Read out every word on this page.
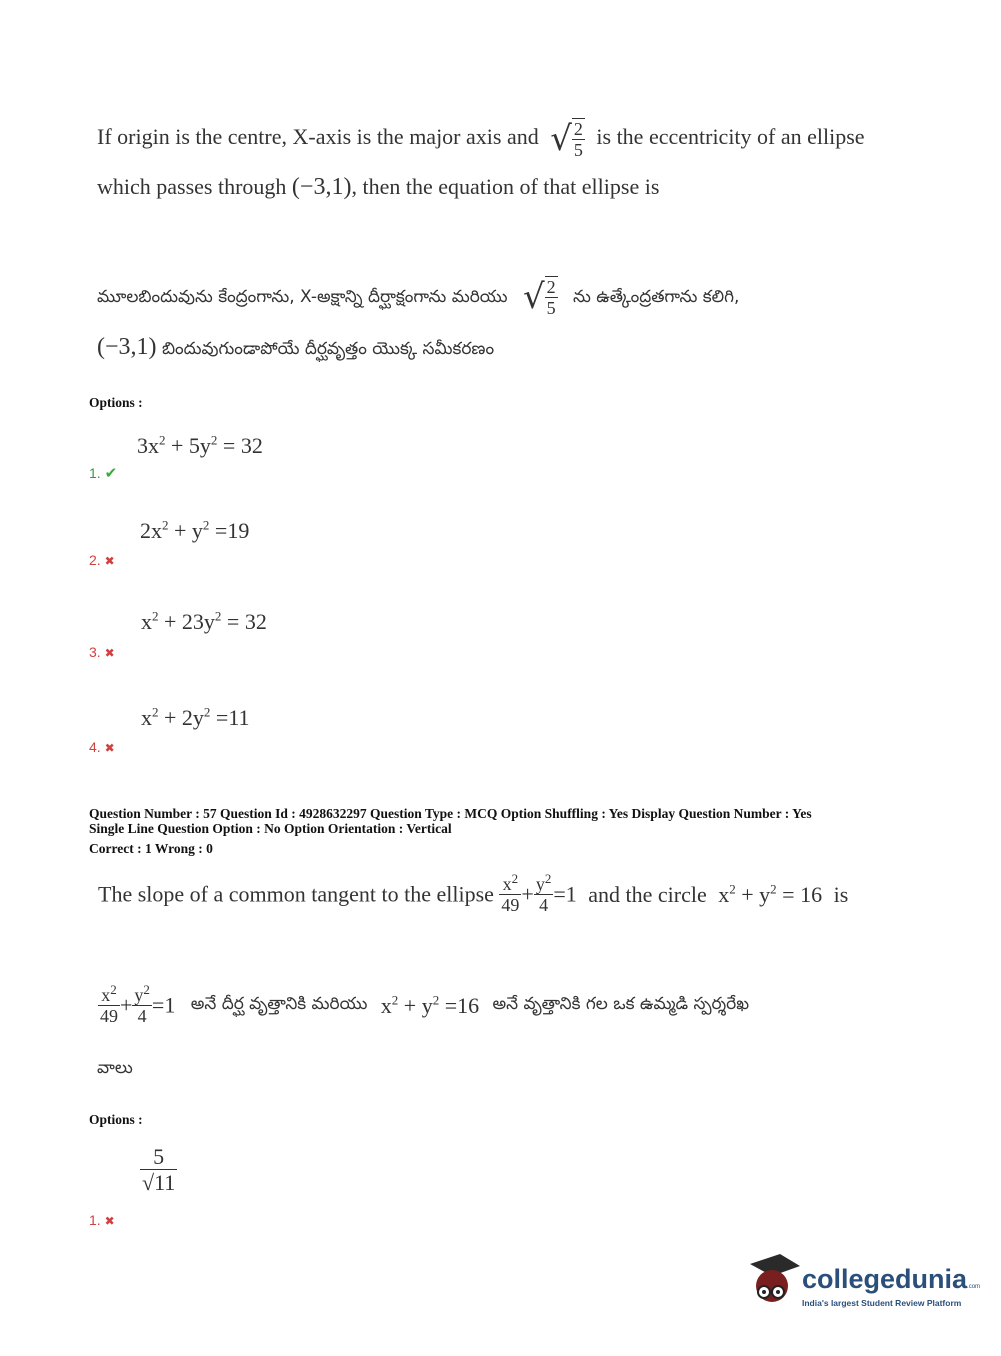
If origin is the centre, X-axis is the major axis and √ $\frac{2}{5}$ is the eccentricity of an ellipse
which passes through (−3,1), then the equation of that ellipse is
మూలబిందువును కేంద్రంగాను, X-అక్షాన్ని దీర్ఘాక్షంగాను మరియు √ $\frac{2}{5}$ ను ఉత్కేంద్రతగాను కలిగి,
(−3,1) బిందువుగుండాపోయే దీర్ఘవృత్తం యొక్క సమీకరణం
Options :
$3x^2 + 5y^2 = 32$
1. ✔
$2x^2 + y^2 =19$
2. ✖
$x^2 + 23y^2 = 32$
3. ✖
$x^2 + 2y^2 =11$
4. ✖
Question Number : 57 Question Id : 4928632297 Question Type : MCQ Option Shuffling : Yes Display Question Number : Yes
Single Line Question Option : No Option Orientation : Vertical
Correct : 1 Wrong : 0
The slope of a common tangent to the ellipse $\frac{x^2}{49} + \frac{y^2}{4} =1$ and the circle $x^2 + y^2 = 16$ is
$\frac{x^2}{49} + \frac{y^2}{4} =1$ అనే దీర్ఘ వృత్తానికి మరియు $x^2 + y^2 =16$ అనే వృత్తానికి గల ఒక ఉమ్మడి స్పర్శరేఖ
వాలు
Options :
$\frac{5}{√11}$
1. ✖
collegedunia.com
India's largest Student Review Platform
